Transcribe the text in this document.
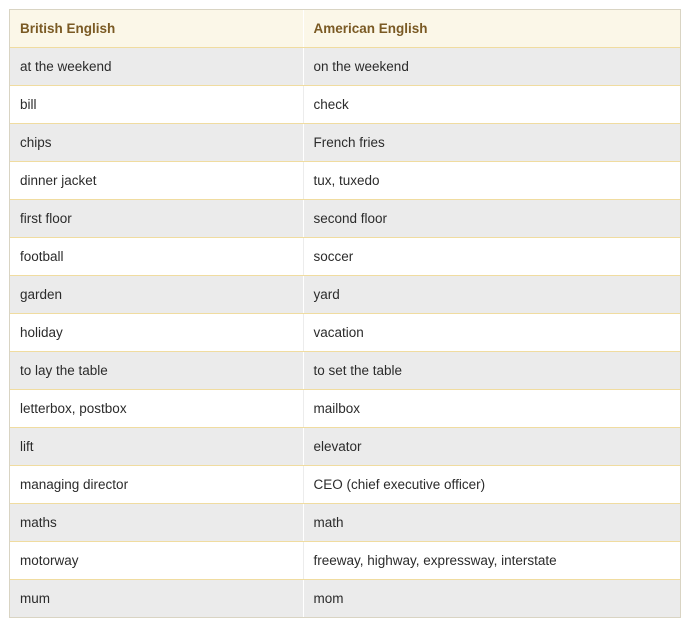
British English	American English
at the weekend	on the weekend
bill	check
chips	French fries
dinner jacket	tux, tuxedo
first floor	second floor
football	soccer
garden	yard
holiday	vacation
to lay the table	to set the table
letterbox, postbox	mailbox
lift	elevator
managing director	CEO (chief executive officer)
maths	math
motorway	freeway, highway, expressway, interstate
mum	mom
